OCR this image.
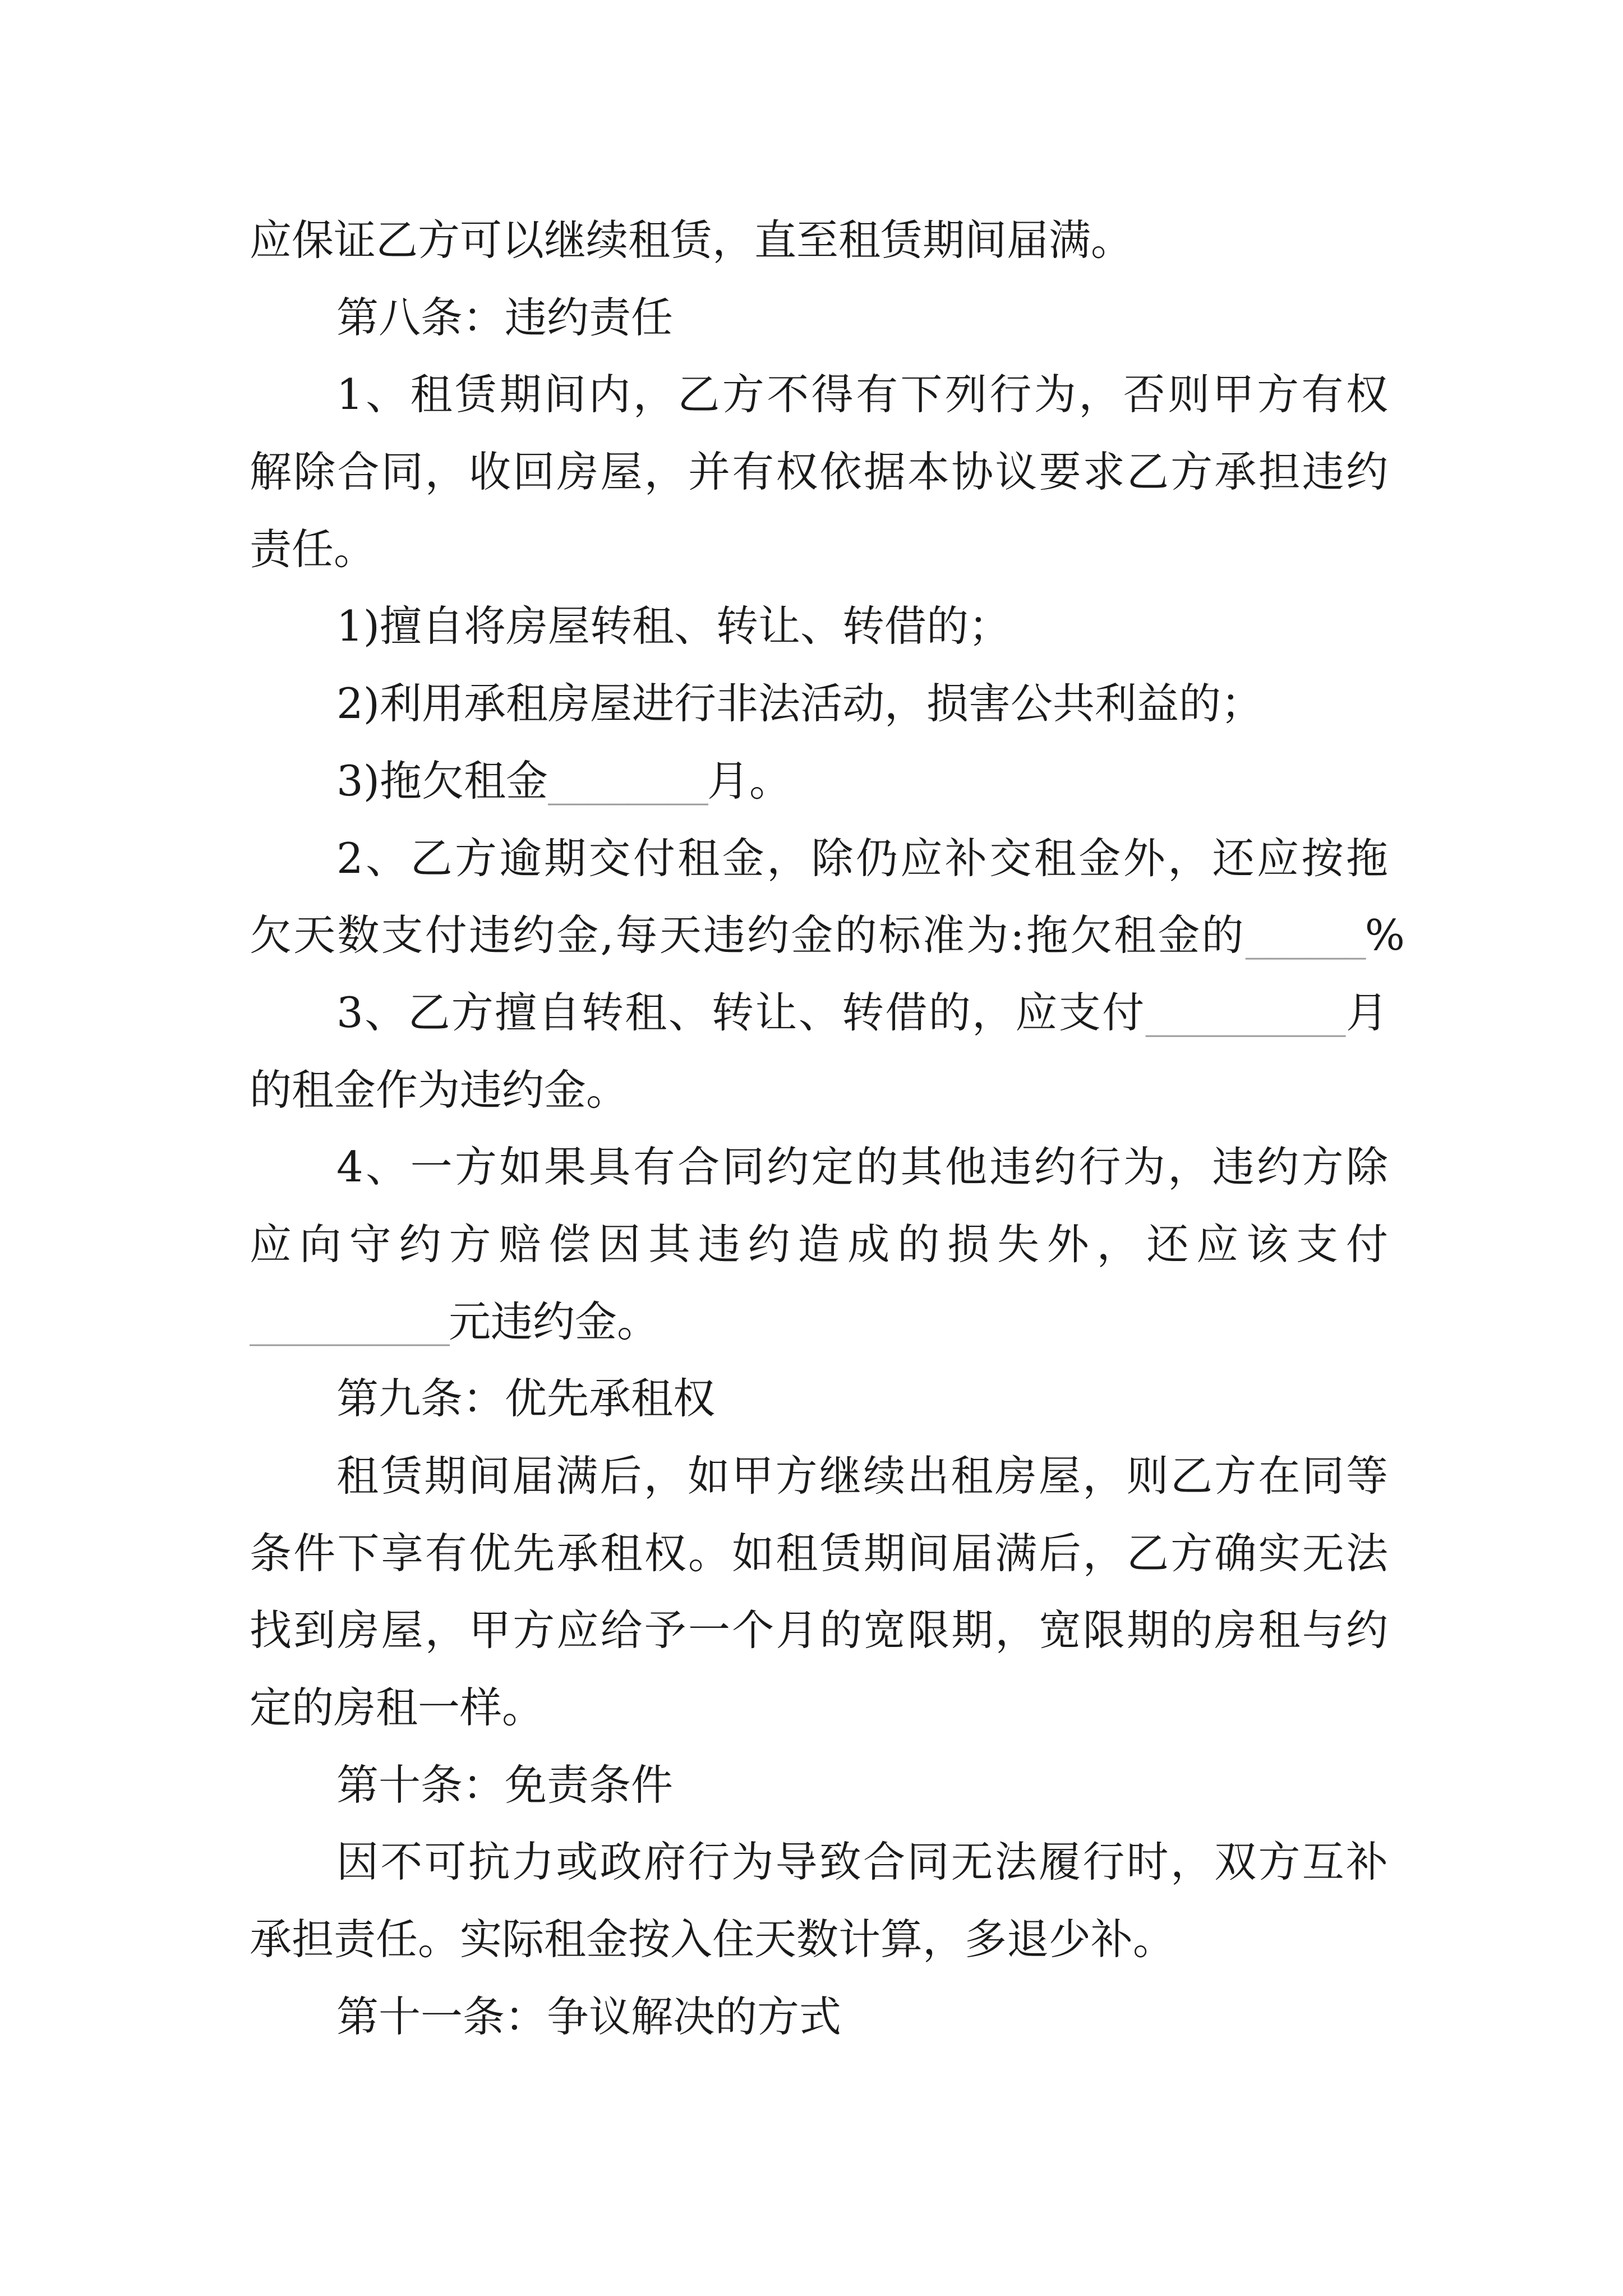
应保证乙方可以继续租赁，直至租赁期间届满。
第八条：违约责任
1、租赁期间内，乙方不得有下列行为，否则甲方有权
解除合同，收回房屋，并有权依据本协议要求乙方承担违约
责任。
1)擅自将房屋转租、转让、转借的；
2)利用承租房屋进行非法活动，损害公共利益的；
3)拖欠租金________月。
2、乙方逾期交付租金，除仍应补交租金外，还应按拖
欠天数支付违约金,每天违约金的标准为:拖欠租金的______%
3、乙方擅自转租、转让、转借的，应支付__________月
的租金作为违约金。
4、一方如果具有合同约定的其他违约行为，违约方除
应向守约方赔偿因其违约造成的损失外，还应该支付
__________元违约金。
第九条：优先承租权
租赁期间届满后，如甲方继续出租房屋，则乙方在同等
条件下享有优先承租权。如租赁期间届满后，乙方确实无法
找到房屋，甲方应给予一个月的宽限期，宽限期的房租与约
定的房租一样。
第十条：免责条件
因不可抗力或政府行为导致合同无法履行时，双方互补
承担责任。实际租金按入住天数计算，多退少补。
第十一条：争议解决的方式
